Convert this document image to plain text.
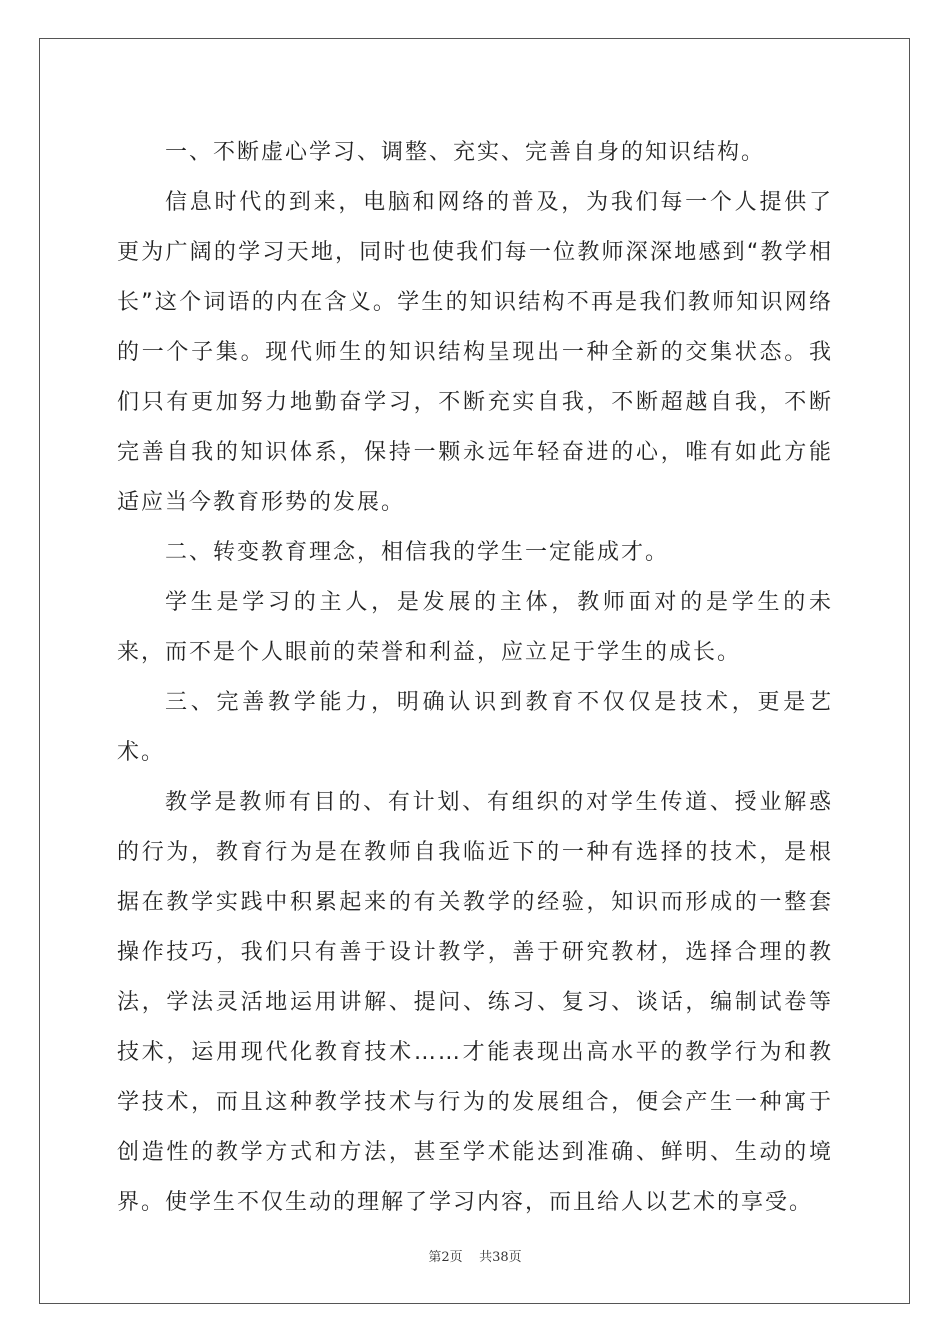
一、不断虚心学习、调整、充实、完善自身的知识结构。

信息时代的到来，电脑和网络的普及，为我们每一个人提供了更为广阔的学习天地，同时也使我们每一位教师深深地感到“教学相长”这个词语的内在含义。学生的知识结构不再是我们教师知识网络的一个子集。现代师生的知识结构呈现出一种全新的交集状态。我们只有更加努力地勤奋学习，不断充实自我，不断超越自我，不断完善自我的知识体系，保持一颗永远年轻奋进的心，唯有如此方能适应当今教育形势的发展。

二、转变教育理念，相信我的学生一定能成才。

学生是学习的主人，是发展的主体，教师面对的是学生的未来，而不是个人眼前的荣誉和利益，应立足于学生的成长。

三、完善教学能力，明确认识到教育不仅仅是技术，更是艺术。

教学是教师有目的、有计划、有组织的对学生传道、授业解惑的行为，教育行为是在教师自我临近下的一种有选择的技术，是根据在教学实践中积累起来的有关教学的经验，知识而形成的一整套操作技巧，我们只有善于设计教学，善于研究教材，选择合理的教法，学法灵活地运用讲解、提问、练习、复习、谈话，编制试卷等技术，运用现代化教育技术……才能表现出高水平的教学行为和教学技术，而且这种教学技术与行为的发展组合，便会产生一种寓于创造性的教学方式和方法，甚至学术能达到准确、鲜明、生动的境界。使学生不仅生动的理解了学习内容，而且给人以艺术的享受。

第2页 共38页
